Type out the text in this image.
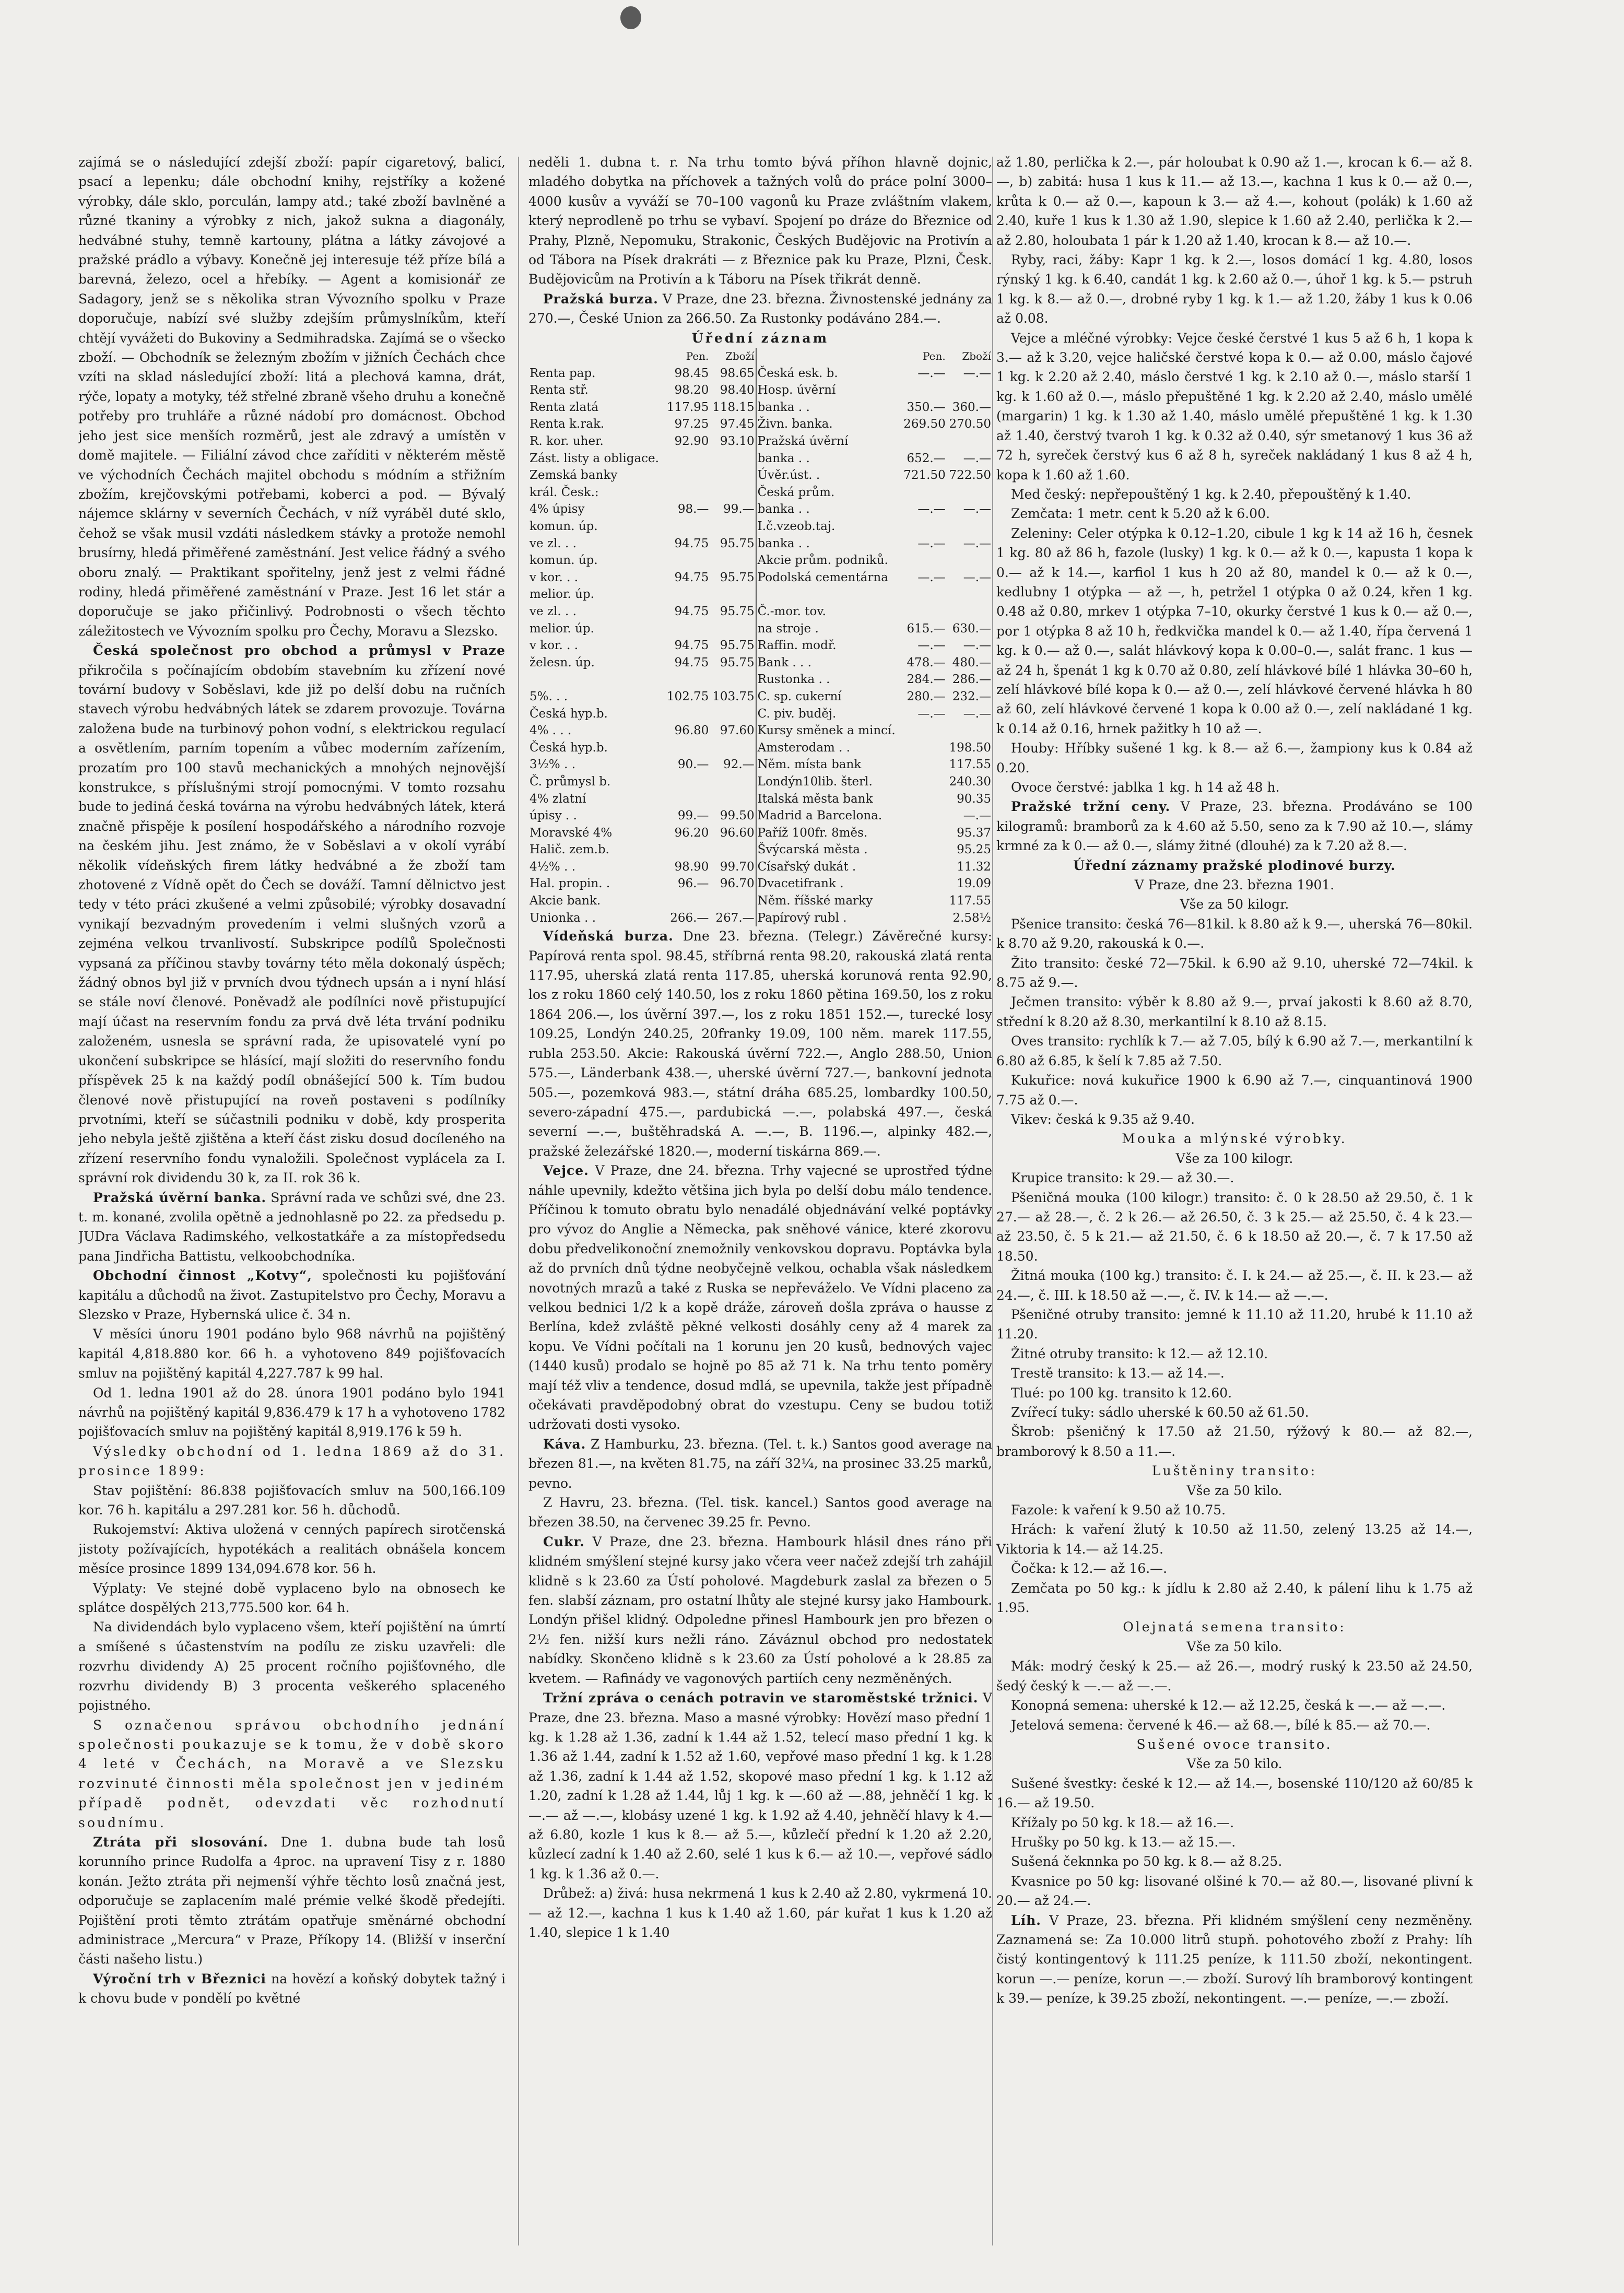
zajímá se o následující zdejší zboží: papír cigaretový, balicí, psací a lepenku; dále obchodní knihy, rejstříky a kožené výrobky, dále sklo, porculán, lampy atd.; také zboží bavlněné a různé tkaniny a výrobky z nich, jakož sukna a diagonály, hedvábné stuhy, temně kartouny, plátna a látky závojové a pražské prádlo a výbavy. Konečně jej interesuje též příze bílá a barevná, železo, ocel a hřebíky. — Agent a komisionář ze Sadagory, jenž se s několika stran Vývozního spolku v Praze doporučuje, nabízí své služby zdejším průmyslníkům, kteří chtějí vyvážeti do Bukoviny a Sedmihradska. Zajímá se o všecko zboží. — Obchodník se železným zbožím v jižních Čechách chce vzíti na sklad následující zboží: litá a plechová kamna, drát, rýče, lopaty a motyky, též střelné zbraně všeho druhu a konečně potřeby pro truhláře a různé nádobí pro domácnost. Obchod jeho jest sice menších rozměrů, jest ale zdravý a umístěn v domě majitele. — Filiální závod chce zaříditi v některém městě ve východních Čechách majitel obchodu s módním a střižním zbožím, krejčovskými potřebami, koberci a pod. — Bývalý nájemce sklárny v severních Čechách, v níž vyráběl duté sklo, čehož se však musil vzdáti následkem stávky a protože nemohl brusírny, hledá přiměřené zaměstnání. Jest velice řádný a svého oboru znalý. — Praktikant spořitelny, jenž jest z velmi řádné rodiny, hledá přiměřené zaměstnání v Praze. Jest 16 let stár a doporučuje se jako přičinlivý. Podrobnosti o všech těchto záležitostech ve Vývozním spolku pro Čechy, Moravu a Slezsko.

Česká společnost pro obchod a průmysl v Praze přikročila s počínajícím obdobím stavebním ku zřízení nové tovární budovy v Soběslavi, kde již po delší dobu na ručních stavech výrobu hedvábných látek se zdarem provozuje. Továrna založena bude na turbinový pohon vodní, s elektrickou regulací a osvětlením, parním topením a vůbec moderním zařízením, prozatím pro 100 stavů mechanických a mnohých nejnovější konstrukce, s příslušnými strojí pomocnými. V tomto rozsahu bude to jediná česká továrna na výrobu hedvábných látek, která značně přispěje k posílení hospodářského a národního rozvoje na českém jihu. Jest známo, že v Soběslavi a v okolí vyrábí několik vídeňských firem látky hedvábné a že zboží tam zhotovené z Vídně opět do Čech se dováží. Tamní dělnictvo jest tedy v této práci zkušené a velmi způsobilé; výrobky dosavadní vynikají bezvadným provedením i velmi slušných vzorů a zejména velkou trvanlivostí. Subskripce podílů Společnosti vypsaná za příčinou stavby továrny této měla dokonalý úspěch; žádný obnos byl již v prvních dvou týdnech upsán a i nyní hlásí se stále noví členové. Poněvadž ale podílníci nově přistupující mají účast na reservním fondu za prvá dvě léta trvání podniku založeném, usnesla se správní rada, že upisovatelé vyní po ukončení subskripce se hlásící, mají složiti do reservního fondu příspěvek 25 k na každý podíl obnášející 500 k. Tím budou členové nově přistupující na roveň postaveni s podílníky prvotními, kteří se súčastnili podniku v době, kdy prosperita jeho nebyla ještě zjištěna a kteří část zisku dosud docíleného na zřízení reservního fondu vynaložili. Společnost vyplácela za I. správní rok dividendu 30 k, za II. rok 36 k.

Pražská úvěrní banka. Správní rada ve schůzi své, dne 23. t. m. konané, zvolila opětně a jednohlasně po 22. za předsedu p. JUDra Václava Radimského, velkostatkáře a za místopředsedu pana Jindřicha Battistu, velkoobchodníka.

Obchodní činnost „Kotvy“, společnosti ku pojišťování kapitálu a důchodů na život. Zastupitelstvo pro Čechy, Moravu a Slezsko v Praze, Hybernská ulice č. 34 n.

V měsíci únoru 1901 podáno bylo 968 návrhů na pojištěný kapitál 4,818.880 kor. 66 h. a vyhotoveno 849 pojišťovacích smluv na pojištěný kapitál 4,227.787 k 99 hal.

Od 1. ledna 1901 až do 28. února 1901 podáno bylo 1941 návrhů na pojištěný kapitál 9,836.479 k 17 h a vyhotoveno 1782 pojišťovacích smluv na pojištěný kapitál 8,919.176 k 59 h.

Výsledky obchodní od 1. ledna 1869 až do 31. prosince 1899:

Stav pojištění: 86.838 pojišťovacích smluv na 500,166.109 kor. 76 h. kapitálu a 297.281 kor. 56 h. důchodů.

Rukojemství: Aktiva uložená v cenných papírech sirotčenská jistoty požívajících, hypotékách a realitách obnášela koncem měsíce prosince 1899 134,094.678 kor. 56 h.

Výplaty: Ve stejné době vyplaceno bylo na obnosech ke splátce dospělých 213,775.500 kor. 64 h.

Na dividendách bylo vyplaceno všem, kteří pojištění na úmrtí a smíšené s účastenstvím na podílu ze zisku uzavřeli: dle rozvrhu dividendy A) 25 procent ročního pojišťovného, dle rozvrhu dividendy B) 3 procenta veškerého splaceného pojistného.

S označenou správou obchodního jednání společnosti poukazuje se k tomu, že v době skoro 4 leté v Čechách, na Moravě a ve Slezsku rozvinuté činnosti měla společnost jen v jediném případě podnět, odevzdati věc rozhodnutí soudnímu.

Ztráta při slosování. Dne 1. dubna bude tah losů korunního prince Rudolfa a 4proc. na upravení Tisy z r. 1880 konán. Ježto ztráta při nejmenší výhře těchto losů značná jest, odporučuje se zaplacením malé prémie velké škodě předejíti. Pojištění proti těmto ztrátám opatřuje směnárné obchodní administrace „Mercura“ v Praze, Příkopy 14. (Bližší v inserční části našeho listu.)

Výroční trh v Březnici na hovězí a koňský dobytek tažný i k chovu bude v pondělí po květné

neděli 1. dubna t. r. Na trhu tomto bývá příhon hlavně dojnic, mladého dobytka na příchovek a tažných volů do práce polní 3000–4000 kusův a vyváží se 70–100 vagonů ku Praze zvláštním vlakem, který neprodleně po trhu se vybaví. Spojení po dráze do Březnice od Prahy, Plzně, Nepomuku, Strakonic, Českých Budějovic na Protivín a od Tábora na Písek drakráti — z Březnice pak ku Praze, Plzni, Česk. Budějovicům na Protivín a k Táboru na Písek třikrát denně.

Pražská burza. V Praze, dne 23. března. Živnostenské jednány za 270.—, České Union za 266.50. Za Rustonky podáváno 284.—.

Úřední záznam

	Pen.	Zboží		Pen.	Zboží
Renta pap.	98.45	98.65	Česká esk. b.	—.—	—.—
Renta stř.	98.20	98.40	Hosp. úvěrní		
Renta zlatá	117.95	118.15	banka . .	350.—	360.—
Renta k.rak.	97.25	97.45	Živn. banka.	269.50	270.50
R. kor. uher.	92.90	93.10	Pražská úvěrní		
Zást. listy a obligace.			banka . .	652.—	—.—
Zemská banky			Úvěr.úst. .	721.50	722.50
král. Česk.:			Česká prům.		
4% úpisy	98.—	99.—	banka . .	—.—	—.—
komun. úp.			I.č.vzeob.taj.		
ve zl. . .	94.75	95.75	banka . .	—.—	—.—
komun. úp.			Akcie prům. podniků.		
v kor. . .	94.75	95.75	Podolská cementárna	—.—	—.—
melior. úp.					
ve zl. . .	94.75	95.75	Č.-mor. tov.		
melior. úp.			na stroje .	615.—	630.—
v kor. . .	94.75	95.75	Raffin. modř.	—.—	—.—
želesn. úp.	94.75	95.75	Bank . . .	478.—	480.—
			Rustonka . .	284.—	286.—
5%. . .	102.75	103.75	C. sp. cukerní	280.—	232.—
Česká hyp.b.			C. piv. buděj.	—.—	—.—
4% . . .	96.80	97.60	Kursy směnek a mincí.		
Česká hyp.b.			Amsterodam . .		198.50
3½% . .	90.—	92.—	Něm. místa bank		117.55
Č. průmysl b.			Londýn10lib. šterl.		240.30
4% zlatní			Italská města bank		90.35
úpisy . .	99.—	99.50	Madrid a Barcelona.		—.—
Moravské 4%	96.20	96.60	Paříž 100fr. 8měs.		95.37
Halič. zem.b.			Švýcarská města .		95.25
4½% . .	98.90	99.70	Císařský dukát .		11.32
Hal. propin. .	96.—	96.70	Dvacetifrank .		19.09
Akcie bank.			Něm. říšské marky		117.55
Unionka . .	266.—	267.—	Papírový rubl .		2.58½

Vídeňská burza. Dne 23. března. (Telegr.) Závěrečné kursy: Papírová renta spol. 98.45, stříbrná renta 98.20, rakouská zlatá renta 117.95, uherská zlatá renta 117.85, uherská korunová renta 92.90, los z roku 1860 celý 140.50, los z roku 1860 pětina 169.50, los z roku 1864 206.—, los úvěrní 397.—, los z roku 1851 152.—, turecké losy 109.25, Londýn 240.25, 20franky 19.09, 100 něm. marek 117.55, rubla 253.50. Akcie: Rakouská úvěrní 722.—, Anglo 288.50, Union 575.—, Länderbank 438.—, uherské úvěrní 727.—, bankovní jednota 505.—, pozemková 983.—, státní dráha 685.25, lombardky 100.50, severo-západní 475.—, pardubická —.—, polabská 497.—, česká severní —.—, buštěhradská A. —.—, B. 1196.—, alpinky 482.—, pražské železářské 1820.—, moderní tiskárna 869.—.

Vejce. V Praze, dne 24. března. Trhy vajecné se uprostřed týdne náhle upevnily, kdežto většina jich byla po delší dobu málo tendence. Příčinou k tomuto obratu bylo nenadálé objednávání velké poptávky pro vývoz do Anglie a Německa, pak sněhové vánice, které zkorovu dobu předvelikonoční znemožnily venkovskou dopravu. Poptávka byla až do prvních dnů týdne neobyčejně velkou, ochabla však následkem novotných mrazů a také z Ruska se nepřeváželo. Ve Vídni placeno za velkou bednici 1/2 k a kopě dráže, zároveň došla zpráva o hausse z Berlína, kdež zvláště pěkné velkosti dosáhly ceny až 4 marek za kopu. Ve Vídni počítali na 1 korunu jen 20 kusů, bednových vajec (1440 kusů) prodalo se hojně po 85 až 71 k. Na trhu tento poměry mají též vliv a tendence, dosud mdlá, se upevnila, takže jest případně očekávati pravděpodobný obrat do vzestupu. Ceny se budou totiž udržovati dosti vysoko.

Káva. Z Hamburku, 23. března. (Tel. t. k.) Santos good average na březen 81.—, na květen 81.75, na září 32¼, na prosinec 33.25 marků, pevno.

Z Havru, 23. března. (Tel. tisk. kancel.) Santos good average na březen 38.50, na červenec 39.25 fr. Pevno.

Cukr. V Praze, dne 23. března. Hambourk hlásil dnes ráno při klidném smýšlení stejné kursy jako včera veer načež zdejší trh zahájil klidně s k 23.60 za Ústí poholové. Magdeburk zaslal za březen o 5 fen. slabší záznam, pro ostatní lhůty ale stejné kursy jako Hambourk. Londýn přišel klidný. Odpoledne přinesl Hambourk jen pro březen o 2½ fen. nižší kurs nežli ráno. Záváznul obchod pro nedostatek nabídky. Skončeno klidně s k 23.60 za Ústí poholové a k 28.85 za kvetem. — Rafinády ve vagonových partiích ceny nezměněných.

Tržní zpráva o cenách potravin ve staroměstské tržnici. V Praze, dne 23. března. Maso a masné výrobky: Hovězí maso přední 1 kg. k 1.28 až 1.36, zadní k 1.44 až 1.52, telecí maso přední 1 kg. k 1.36 až 1.44, zadní k 1.52 až 1.60, vepřové maso přední 1 kg. k 1.28 až 1.36, zadní k 1.44 až 1.52, skopové maso přední 1 kg. k 1.12 až 1.20, zadní k 1.28 až 1.44, lůj 1 kg. k —.60 až —.88, jehněčí 1 kg. k —.— až —.—, klobásy uzené 1 kg. k 1.92 až 4.40, jehněčí hlavy k 4.— až 6.80, kozle 1 kus k 8.— až 5.—, kůzlečí přední k 1.20 až 2.20, kůzlecí zadní k 1.40 až 2.60, selé 1 kus k 6.— až 10.—, vepřové sádlo 1 kg. k 1.36 až 0.—.

Drůbež: a) živá: husa nekrmená 1 kus k 2.40 až 2.80, vykrmená 10.— až 12.—, kachna 1 kus k 1.40 až 1.60, pár kuřat 1 kus k 1.20 až 1.40, slepice 1 k 1.40

až 1.80, perlička k 2.—, pár holoubat k 0.90 až 1.—, krocan k 6.— až 8.—, b) zabitá: husa 1 kus k 11.— až 13.—, kachna 1 kus k 0.— až 0.—, krůta k 0.— až 0.—, kapoun k 3.— až 4.—, kohout (polák) k 1.60 až 2.40, kuře 1 kus k 1.30 až 1.90, slepice k 1.60 až 2.40, perlička k 2.— až 2.80, holoubata 1 pár k 1.20 až 1.40, krocan k 8.— až 10.—.

Ryby, raci, žáby: Kapr 1 kg. k 2.—, losos domácí 1 kg. 4.80, losos rýnský 1 kg. k 6.40, candát 1 kg. k 2.60 až 0.—, úhoř 1 kg. k 5.— pstruh 1 kg. k 8.— až 0.—, drobné ryby 1 kg. k 1.— až 1.20, žáby 1 kus k 0.06 až 0.08.

Vejce a mléčné výrobky: Vejce české čerstvé 1 kus 5 až 6 h, 1 kopa k 3.— až k 3.20, vejce haličské čerstvé kopa k 0.— až 0.00, máslo čajové 1 kg. k 2.20 až 2.40, máslo čerstvé 1 kg. k 2.10 až 0.—, máslo starší 1 kg. k 1.60 až 0.—, máslo přepuštěné 1 kg. k 2.20 až 2.40, máslo umělé (margarin) 1 kg. k 1.30 až 1.40, máslo umělé přepuštěné 1 kg. k 1.30 až 1.40, čerstvý tvaroh 1 kg. k 0.32 až 0.40, sýr smetanový 1 kus 36 až 72 h, syreček čerstvý kus 6 až 8 h, syreček nakládaný 1 kus 8 až 4 h, kopa k 1.60 až 1.60.

Med český: nepřepouštěný 1 kg. k 2.40, přepouštěný k 1.40.

Zemčata: 1 metr. cent k 5.20 až k 6.00.

Zeleniny: Celer otýpka k 0.12–1.20, cibule 1 kg k 14 až 16 h, česnek 1 kg. 80 až 86 h, fazole (lusky) 1 kg. k 0.— až k 0.—, kapusta 1 kopa k 0.— až k 14.—, karfiol 1 kus h 20 až 80, mandel k 0.— až k 0.—, kedlubny 1 otýpka — až —, h, petržel 1 otýpka 0 až 0.24, křen 1 kg. 0.48 až 0.80, mrkev 1 otýpka 7–10, okurky čerstvé 1 kus k 0.— až 0.—, por 1 otýpka 8 až 10 h, ředkvička mandel k 0.— až 1.40, řípa červená 1 kg. k 0.— až 0.—, salát hlávkový kopa k 0.00–0.—, salát franc. 1 kus — až 24 h, špenát 1 kg k 0.70 až 0.80, zelí hlávkové bílé 1 hlávka 30–60 h, zelí hlávkové bílé kopa k 0.— až 0.—, zelí hlávkové červené hlávka h 80 až 60, zelí hlávkové červené 1 kopa k 0.00 až 0.—, zelí nakládané 1 kg. k 0.14 až 0.16, hrnek pažitky h 10 až —.

Houby: Hříbky sušené 1 kg. k 8.— až 6.—, žampiony kus k 0.84 až 0.20.

Ovoce čerstvé: jablka 1 kg. h 14 až 48 h.

Pražské tržní ceny. V Praze, 23. března. Prodáváno se 100 kilogramů: bramborů za k 4.60 až 5.50, seno za k 7.90 až 10.—, slámy krmné za k 0.— až 0.—, slámy žitné (dlouhé) za k 7.20 až 8.—.

Úřední záznamy pražské plodinové burzy.

V Praze, dne 23. března 1901.

Vše za 50 kilogr.

Pšenice transito: česká 76—81kil. k 8.80 až k 9.—, uherská 76—80kil. k 8.70 až 9.20, rakouská k 0.—.

Žito transito: české 72—75kil. k 6.90 až 9.10, uherské 72—74kil. k 8.75 až 9.—.

Ječmen transito: výběr k 8.80 až 9.—, prvaí jakosti k 8.60 až 8.70, střední k 8.20 až 8.30, merkantilní k 8.10 až 8.15.

Oves transito: rychlík k 7.— až 7.05, bílý k 6.90 až 7.—, merkantilní k 6.80 až 6.85, k šelí k 7.85 až 7.50.

Kukuřice: nová kukuřice 1900 k 6.90 až 7.—, cinquantinová 1900 7.75 až 0.—.

Vikev: česká k 9.35 až 9.40.

Mouka a mlýnské výrobky.

Vše za 100 kilogr.

Krupice transito: k 29.— až 30.—.

Pšeničná mouka (100 kilogr.) transito: č. 0 k 28.50 až 29.50, č. 1 k 27.— až 28.—, č. 2 k 26.— až 26.50, č. 3 k 25.— až 25.50, č. 4 k 23.— až 23.50, č. 5 k 21.— až 21.50, č. 6 k 18.50 až 20.—, č. 7 k 17.50 až 18.50.

Žitná mouka (100 kg.) transito: č. I. k 24.— až 25.—, č. II. k 23.— až 24.—, č. III. k 18.50 až —.—, č. IV. k 14.— až —.—.

Pšeničné otruby transito: jemné k 11.10 až 11.20, hrubé k 11.10 až 11.20.

Žitné otruby transito: k 12.— až 12.10.

Trestě transito: k 13.— až 14.—.

Tlué: po 100 kg. transito k 12.60.

Zvířecí tuky: sádlo uherské k 60.50 až 61.50.

Škrob: pšeničný k 17.50 až 21.50, rýžový k 80.— až 82.—, bramborový k 8.50 a 11.—.

Luštěniny transito:

Vše za 50 kilo.

Fazole: k vaření k 9.50 až 10.75.

Hrách: k vaření žlutý k 10.50 až 11.50, zelený 13.25 až 14.—, Viktoria k 14.— až 14.25.

Čočka: k 12.— až 16.—.

Zemčata po 50 kg.: k jídlu k 2.80 až 2.40, k pálení lihu k 1.75 až 1.95.

Olejnatá semena transito:

Vše za 50 kilo.

Mák: modrý český k 25.— až 26.—, modrý ruský k 23.50 až 24.50, šedý český k —.— až —.—.

Konopná semena: uherské k 12.— až 12.25, česká k —.— až —.—.

Jetelová semena: červené k 46.— až 68.—, bílé k 85.— až 70.—.

Sušené ovoce transito.

Vše za 50 kilo.

Sušené švestky: české k 12.— až 14.—, bosenské 110/120 až 60/85 k 16.— až 19.50.

Křížaly po 50 kg. k 18.— až 16.—.

Hrušky po 50 kg. k 13.— až 15.—.

Sušená čeknnka po 50 kg. k 8.— až 8.25.

Kvasnice po 50 kg: lisované olšiné k 70.— až 80.—, lisované plivní k 20.— až 24.—.

Líh. V Praze, 23. března. Při klidném smýšlení ceny nezměněny. Zaznamená se: Za 10.000 litrů stupň. pohotového zboží z Prahy: líh čistý kontingentový k 111.25 peníze, k 111.50 zboží, nekontingent. korun —.— peníze, korun —.— zboží. Surový líh bramborový kontingent k 39.— peníze, k 39.25 zboží, nekontingent. —.— peníze, —.— zboží.
